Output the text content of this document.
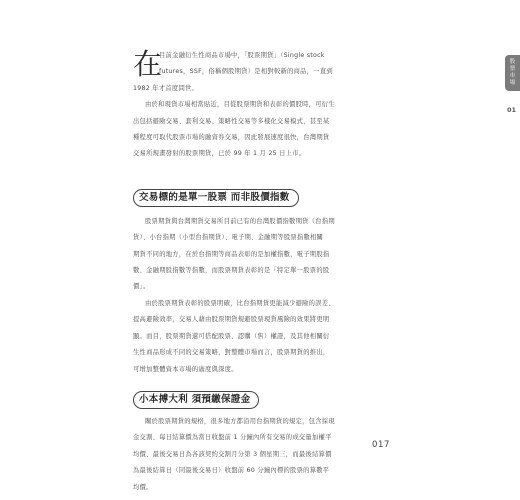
在

目前金融衍生性商品市場中，「股票期貨」（Single stock
futures，SSF，俗稱個股期貨）是相對較新的商品，一直到
1982 年才首度問世。

由於和現貨市場相當貼近，目從股票期貨和表彰的價股時，可衍生
出包括避險交易、套利交易、策略性交易等多樣化交易模式，甚至某
種程度可取代股票市場的融資券交易，因此發展速度很快，台灣期貨
交易所規畫發射的股票期貨，已於 99 年 1 月 25 日上市。

交易標的是單一股票 而非股價指數

股票期貨與台灣期貨交易所目前已有的台灣股價指數期貨（台指期
貨）、小台指期（小型台指期貨）、電子期、金融期等股票指數相關
期貨不同的地方，在於台指期等商品表彰的是加權指數，電子期股指
數、金融期股指數等指數，而股票期貨表彰的是「特定單一股票的股
價」。

由於股票期貨表彰的股票明確，比台指期貨更能減少避險的誤差、
提高避險效率，交易人藉由股票期貨規避股票現貨風險的效果將更明
顯。而目，股票期貨還可搭配股票、認購（售）權證，及其他相關衍
生性商品形成不同的交易策略，對整體市場而言，股票期貨的推出，
可增加整體資本市場的廣度與深度。

小本搏大利 須預繳保證金

關於股票期貨的規格，很多地方都沿用台指期貨的規定，包含採現
金交割、每日結算價為當日收盤前 1 分鐘內所有交易的成交量加權平
均價、最後交易日為各該契約交割月分第 3 個星期三，而最後結算價
為最後結算日（同最後交易日）收盤前 60 分鐘內標的股票的算數平
均價。

股
票
市
場
01
017
